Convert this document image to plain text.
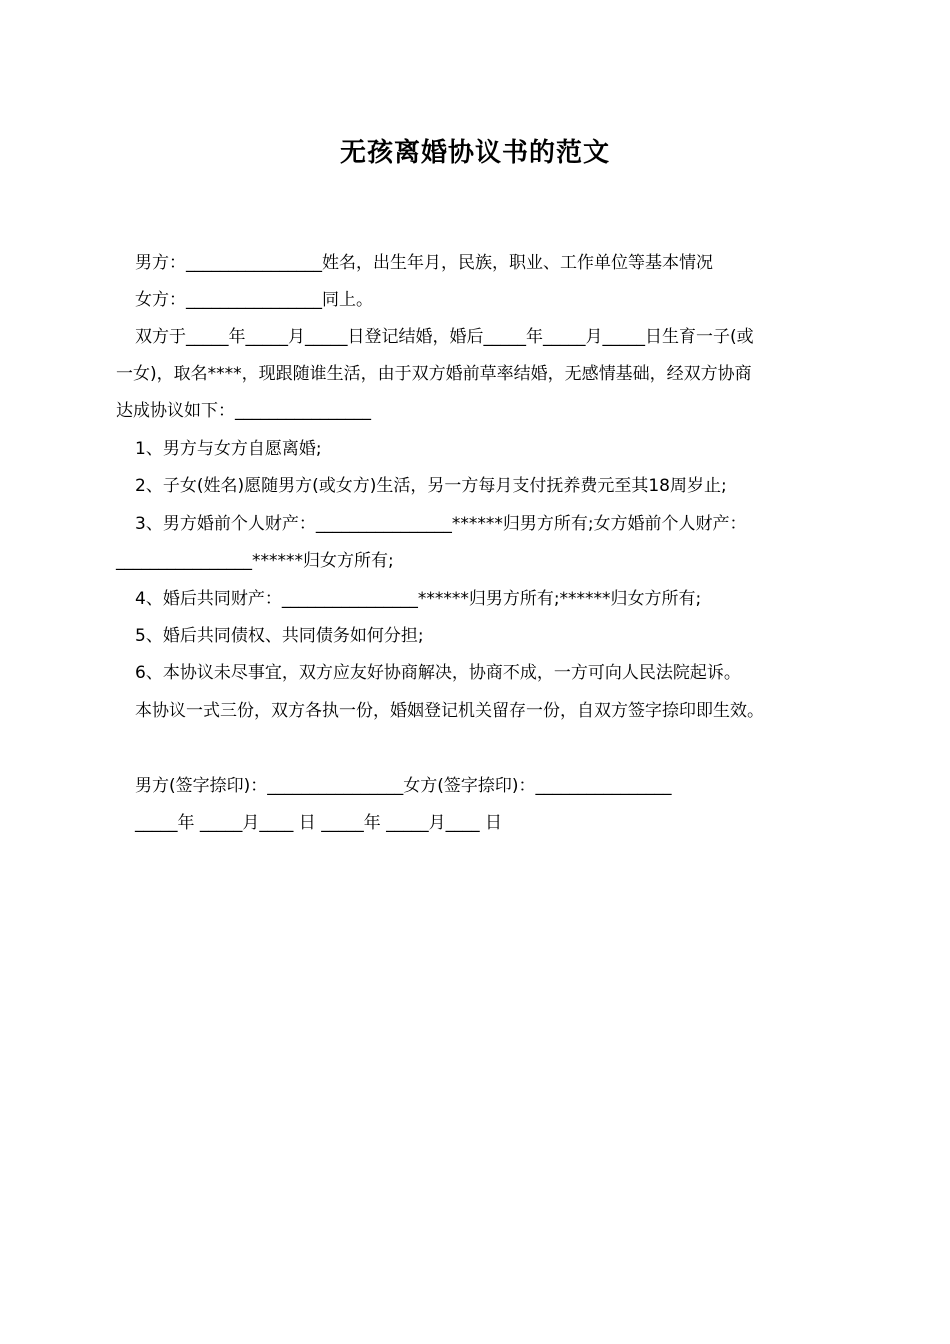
无孩离婚协议书的范文
男方：________________姓名，出生年月，民族，职业、工作单位等基本情况
女方：________________同上。
双方于_____年_____月_____日登记结婚，婚后_____年_____月_____日生育一子(或
一女)，取名****，现跟随谁生活，由于双方婚前草率结婚，无感情基础，经双方协商
达成协议如下：________________
1、男方与女方自愿离婚;
2、子女(姓名)愿随男方(或女方)生活，另一方每月支付抚养费元至其18周岁止;
3、男方婚前个人财产：________________******归男方所有;女方婚前个人财产：
________________******归女方所有;
4、婚后共同财产：________________******归男方所有;******归女方所有;
5、婚后共同债权、共同债务如何分担;
6、本协议未尽事宜，双方应友好协商解决，协商不成，一方可向人民法院起诉。
本协议一式三份，双方各执一份，婚姻登记机关留存一份，自双方签字捺印即生效。
男方(签字捺印)：________________女方(签字捺印)：________________
_____年 _____月____ 日 _____年 _____月____ 日
